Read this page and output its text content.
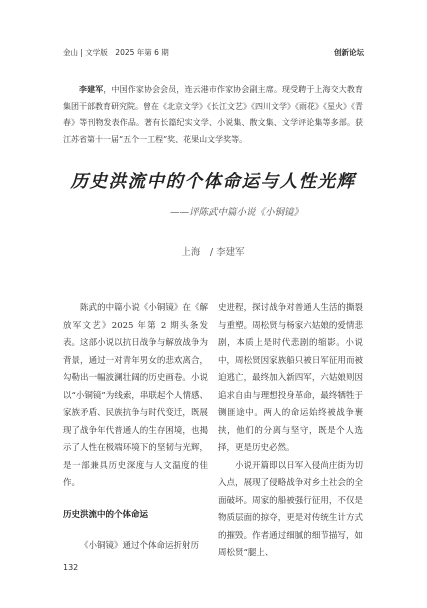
金山 | 文学版　2025 年第 6 期	创新论坛
李建军，中国作家协会会员，连云港市作家协会副主席。现受聘于上海交大教育集团干部教育研究院。曾在《北京文学》《长江文艺》《四川文学》《雨花》《星火》《青春》等刊物发表作品。著有长篇纪实文学、小说集、散文集、文学评论集等多部。获江苏省第十一届“五个一工程”奖、花果山文学奖等。
历史洪流中的个体命运与人性光辉
——评陈武中篇小说《小铜镜》
上海　/ 李建军

陈武的中篇小说《小铜镜》在《解放军文艺》2025 年第 2 期头条发表。这部小说以抗日战争与解放战争为背景，通过一对青年男女的悲欢离合，勾勒出一幅波澜壮阔的历史画卷。小说以“小铜镜”为线索，串联起个人情感、家族矛盾、民族抗争与时代变迁，既展现了战争年代普通人的生存困境，也揭示了人性在极端环境下的坚韧与光辉，是一部兼具历史深度与人文温度的佳作。

历史洪流中的个体命运

《小铜镜》通过个体命运折射历

史进程，探讨战争对普通人生活的撕裂与重塑。周松贤与杨家六姑娘的爱情悲剧，本质上是时代悲剧的缩影。小说中，周松贤因家族船只被日军征用而被迫逃亡，最终加入新四军，六姑娘则因追求自由与理想投身革命，最终牺牲于铡匪途中。两人的命运始终被战争裹挟，他们的分离与坚守，既是个人选择，更是历史必然。

小说开篇即以日军入侵尚庄街为切入点，展现了侵略战争对乡土社会的全面破坏。周家的船被强行征用，不仅是物质层面的掠夺，更是对传统生计方式的摧毁。作者通过细腻的细节描写，如周松贤“腿上、

132
